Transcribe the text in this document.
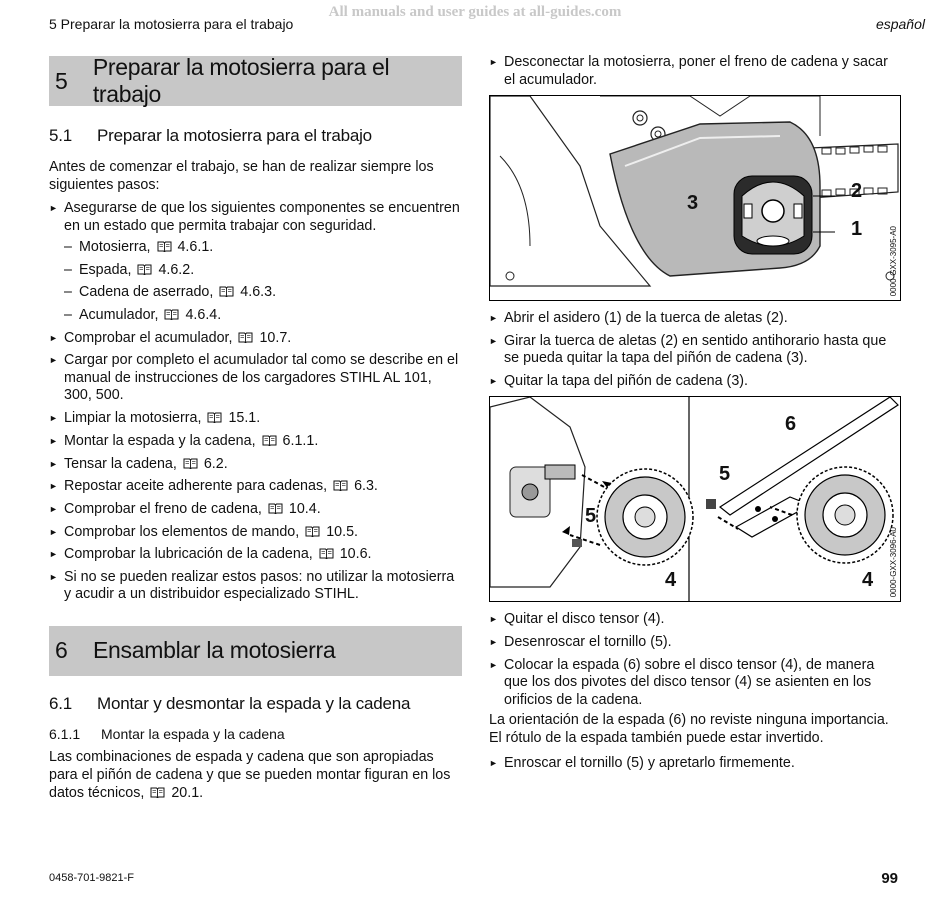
All manuals and user guides at all-guides.com
5 Preparar la motosierra para el trabajo	español
5
Preparar la motosierra para el trabajo
5.1	Preparar la motosierra para el trabajo

Antes de comenzar el trabajo, se han de realizar siempre los siguientes pasos:

► Asegurarse de que los siguientes componentes se encuentren en un estado que permita trabajar con seguridad.
– Motosierra, 4.6.1.
– Espada, 4.6.2.
– Cadena de aserrado, 4.6.3.
– Acumulador, 4.6.4.
► Comprobar el acumulador, 10.7.
► Cargar por completo el acumulador tal como se describe en el manual de instrucciones de los cargadores STIHL AL 101, 300, 500.
► Limpiar la motosierra, 15.1.
► Montar la espada y la cadena, 6.1.1.
► Tensar la cadena, 6.2.
► Repostar aceite adherente para cadenas, 6.3.
► Comprobar el freno de cadena, 10.4.
► Comprobar los elementos de mando, 10.5.
► Comprobar la lubricación de la cadena, 10.6.
► Si no se pueden realizar estos pasos: no utilizar la motosierra y acudir a un distribuidor especializado STIHL.
6	Ensamblar la motosierra
6.1	Montar y desmontar la espada y la cadena
6.1.1	Montar la espada y la cadena

Las combinaciones de espada y cadena que son apropiadas para el piñón de cadena y que se pueden montar figuran en los datos técnicos, 20.1.

► Desconectar la motosierra, poner el freno de cadena y sacar el acumulador.
3
2
1	0000-GXX-3095-A0
► Abrir el asidero (1) de la tuerca de aletas (2).
► Girar la tuerca de aletas (2) en sentido antihorario hasta que se pueda quitar la tapa del piñón de cadena (3).
► Quitar la tapa del piñón de cadena (3).
5
4
6
5
4 0000-GXX-3096-A0
► Quitar el disco tensor (4).
► Desenroscar el tornillo (5).
► Colocar la espada (6) sobre el disco tensor (4), de manera que los dos pivotes del disco tensor (4) se asienten en los orificios de la cadena.

La orientación de la espada (6) no reviste ninguna importancia. El rótulo de la espada también puede estar invertido.

► Enroscar el tornillo (5) y apretarlo firmemente.
0458-701-9821-F	99
